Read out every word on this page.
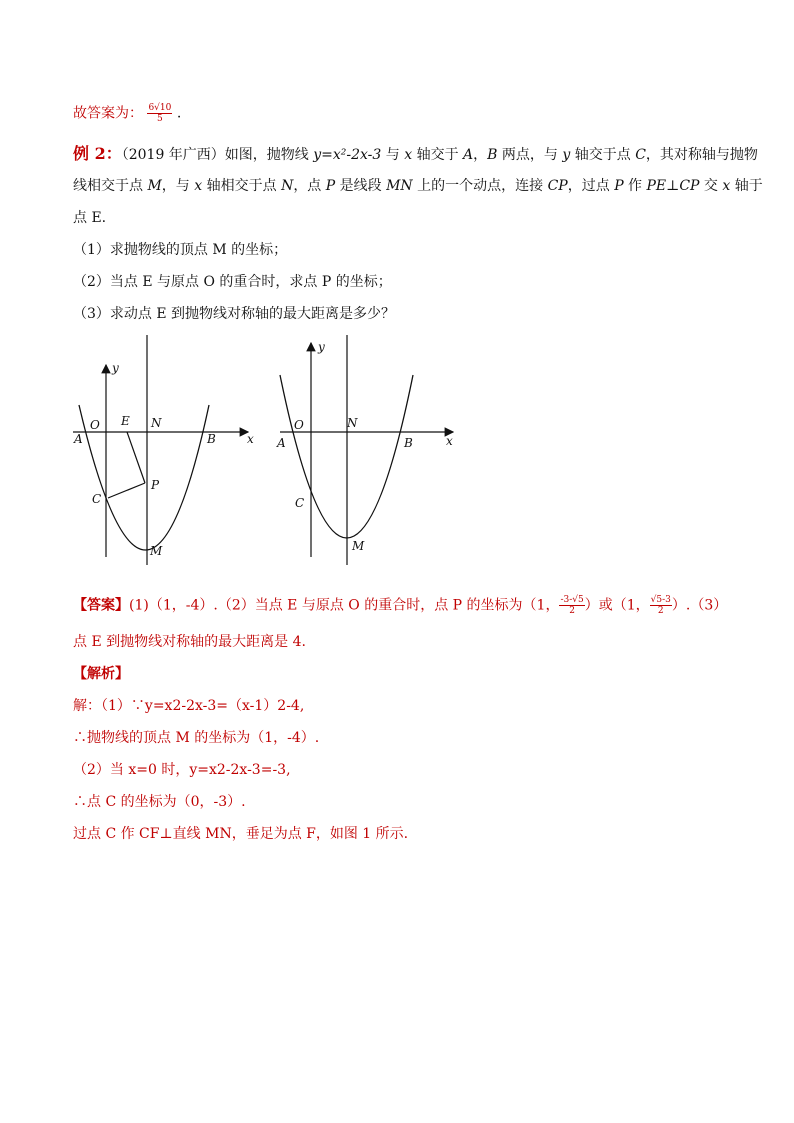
故答案为： $\frac{6√10}{5}$ .
例 2：（2019 年广西）如图，抛物线 y=x²-2x-3 与 x 轴交于 A，B 两点，与 y 轴交于点 C，其对称轴与抛物
线相交于点 M，与 x 轴相交于点 N，点 P 是线段 MN 上的一个动点，连接 CP，过点 P 作 PE⊥CP 交 x 轴于
点 E.
（1）求抛物线的顶点 M 的坐标；
（2）当点 E 与原点 O 的重合时，求点 P 的坐标；
（3）求动点 E 到抛物线对称轴的最大距离是多少？
y
O E N
A	B	x
P
C
M
y
O	N
A	B	x
C
M
【答案】(1)（1，-4）.（2）当点 E 与原点 O 的重合时，点 P 的坐标为（1， $\frac{-3-√5}{2}$ ）或（1， $\frac{√5-3}{2} ).(3)$
点 E 到抛物线对称轴的最大距离是 4.
【解析】
解：（1）∵y=x2-2x-3=（x-1）2-4,
∴抛物线的顶点 M 的坐标为（1，-4）.
（2）当 x=0 时，y=x2-2x-3=-3,
∴点 C 的坐标为（0，-3）.
过点 C 作 CF⊥直线 MN，垂足为点 F，如图 1 所示.
